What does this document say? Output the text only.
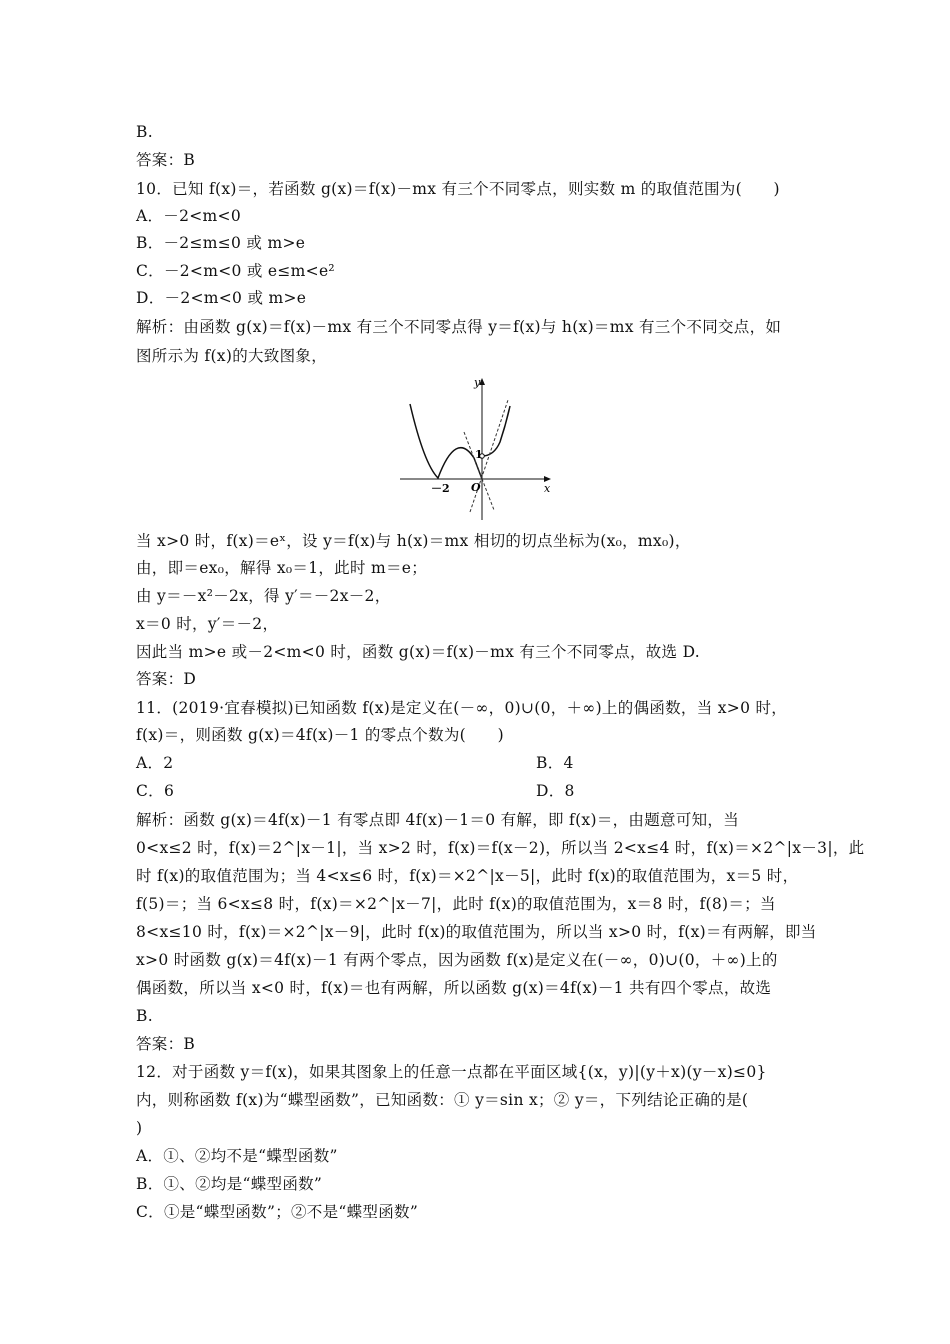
B.
答案：B
10．已知 f(x)＝，若函数 g(x)＝f(x)－mx 有三个不同零点，则实数 m 的取值范围为(　　)
A．－2<m<0
B．－2≤m≤0 或 m>e
C．－2<m<0 或 e≤m<e²
D．－2<m<0 或 m>e
解析：由函数 g(x)＝f(x)－mx 有三个不同零点得 y＝f(x)与 h(x)＝mx 有三个不同交点，如
图所示为 f(x)的大致图象，
y
x
－2
1
O
当 x>0 时，f(x)＝eˣ，设 y＝f(x)与 h(x)＝mx 相切的切点坐标为(x₀，mx₀)，
由，即＝ex₀，解得 x₀＝1，此时 m＝e；
由 y＝－x²－2x，得 y′＝－2x－2，
x＝0 时，y′＝－2，
因此当 m>e 或－2<m<0 时，函数 g(x)＝f(x)－mx 有三个不同零点，故选 D.
答案：D
11．(2019·宜春模拟)已知函数 f(x)是定义在(－∞，0)∪(0，＋∞)上的偶函数，当 x>0 时，
f(x)＝，则函数 g(x)＝4f(x)－1 的零点个数为(　　)
A．2	B．4
C．6	D．8
解析：函数 g(x)＝4f(x)－1 有零点即 4f(x)－1＝0 有解，即 f(x)＝，由题意可知，当
0<x≤2 时，f(x)＝2^|x－1|，当 x>2 时，f(x)＝f(x－2)，所以当 2<x≤4 时，f(x)＝×2^|x－3|，此
时 f(x)的取值范围为；当 4<x≤6 时，f(x)＝×2^|x－5|，此时 f(x)的取值范围为，x＝5 时，
f(5)＝；当 6<x≤8 时，f(x)＝×2^|x－7|，此时 f(x)的取值范围为，x＝8 时，f(8)＝；当
8<x≤10 时，f(x)＝×2^|x－9|，此时 f(x)的取值范围为，所以当 x>0 时，f(x)＝有两解，即当
x>0 时函数 g(x)＝4f(x)－1 有两个零点，因为函数 f(x)是定义在(－∞，0)∪(0，＋∞)上的
偶函数，所以当 x<0 时，f(x)＝也有两解，所以函数 g(x)＝4f(x)－1 共有四个零点，故选
B.
答案：B
12．对于函数 y＝f(x)，如果其图象上的任意一点都在平面区域{(x，y)|(y＋x)(y－x)≤0}
内，则称函数 f(x)为“蝶型函数”，已知函数：① y＝sin x；② y＝，下列结论正确的是(
)
A．①、②均不是“蝶型函数”
B．①、②均是“蝶型函数”
C．①是“蝶型函数”；②不是“蝶型函数”
